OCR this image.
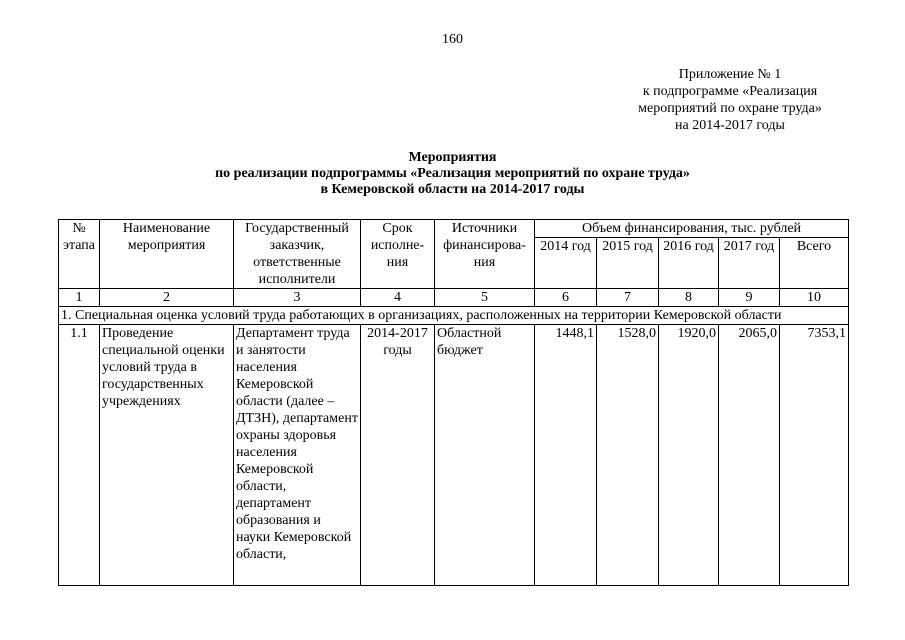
160
Приложение № 1
к подпрограмме «Реализация
мероприятий по охране труда»
на 2014-2017 годы
Мероприятия
по реализации подпрограммы «Реализация мероприятий по охране труда»
в Кемеровской области на 2014-2017 годы
№ этапа	Наименование мероприятия	Государственный заказчик, ответственные исполнители	Срок исполне-ния	Источники финансирова-ния	Объем финансирования, тыс. рублей				
					2014 год	2015 год	2016 год	2017 год	Всего
1	2	3	4	5	6	7	8	9	10
1. Специальная оценка условий труда работающих в организациях, расположенных на территории Кемеровской области									
1.1	Проведение специальной оценки условий труда в государственных учреждениях	Департамент труда и занятости населения Кемеровской области (далее – ДТЗН), департамент охраны здоровья населения Кемеровской области, департамент образования и науки Кемеровской области,	2014-2017 годы	Областной бюджет	1448,1	1528,0	1920,0	2065,0	7353,1
